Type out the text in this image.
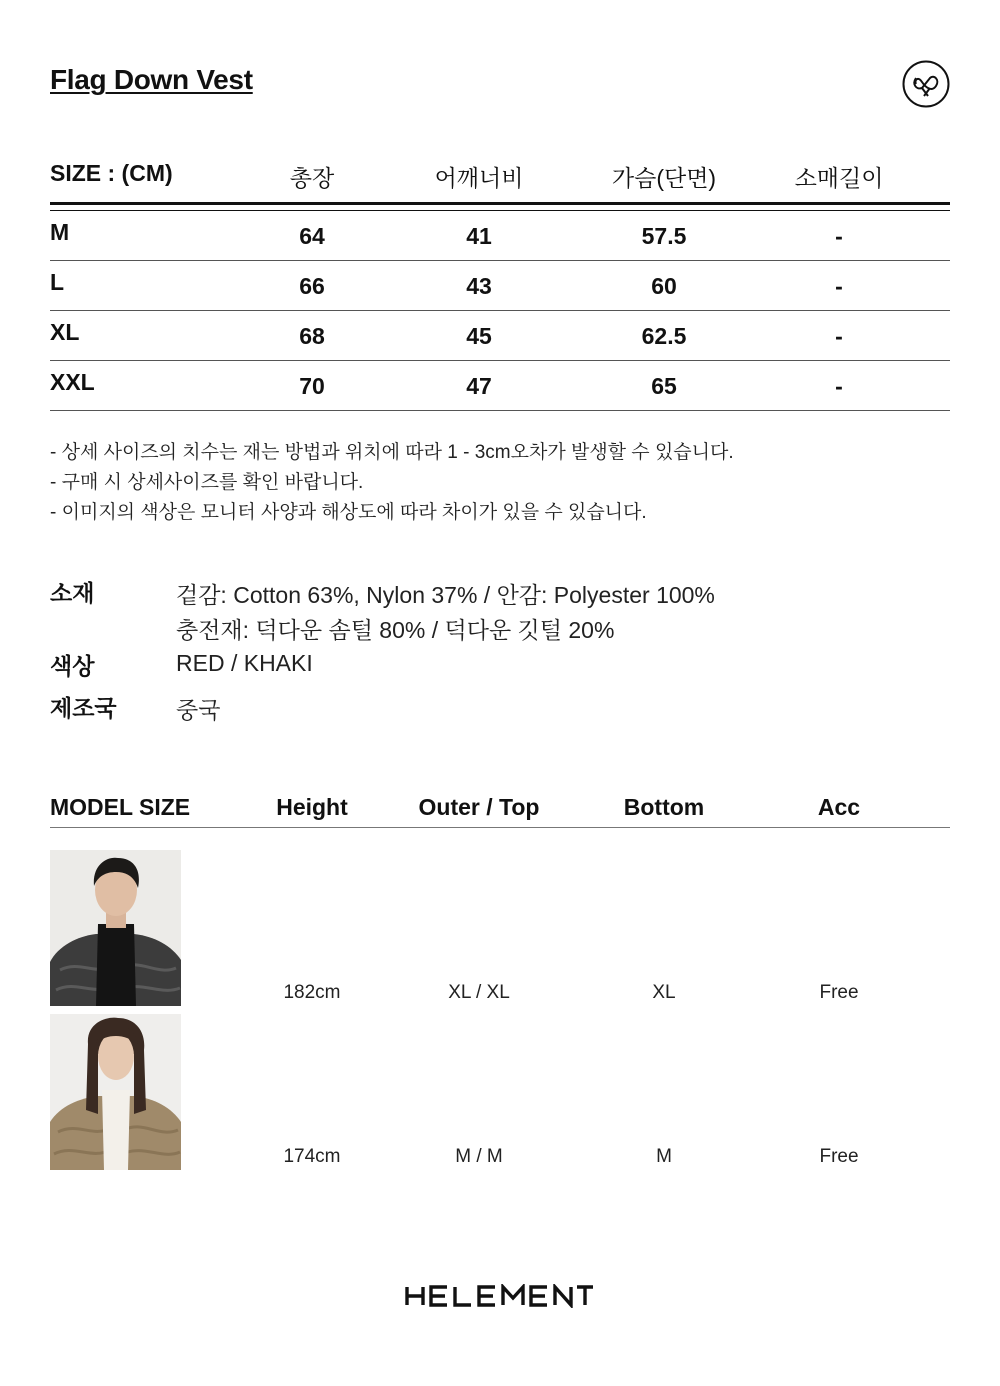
Flag Down Vest
SIZE : (CM)	총장	어깨너비	가슴(단면)	소매길이
M	64	41	57.5	-
L	66	43	60	-
XL	68	45	62.5	-
XXL	70	47	65	-
- 상세 사이즈의 치수는 재는 방법과 위치에 따라 1 - 3cm오차가 발생할 수 있습니다.
- 구매 시 상세사이즈를 확인 바랍니다.
- 이미지의 색상은 모니터 사양과 해상도에 따라 차이가 있을 수 있습니다.
소재	겉감: Cotton 63%, Nylon 37% / 안감: Polyester 100%
충전재: 덕다운 솜털 80% / 덕다운 깃털 20%
색상	RED / KHAKI
제조국	중국
MODEL SIZE	Height	Outer / Top	Bottom	Acc
182cm	XL / XL	XL	Free
174cm	M / M	M	Free
